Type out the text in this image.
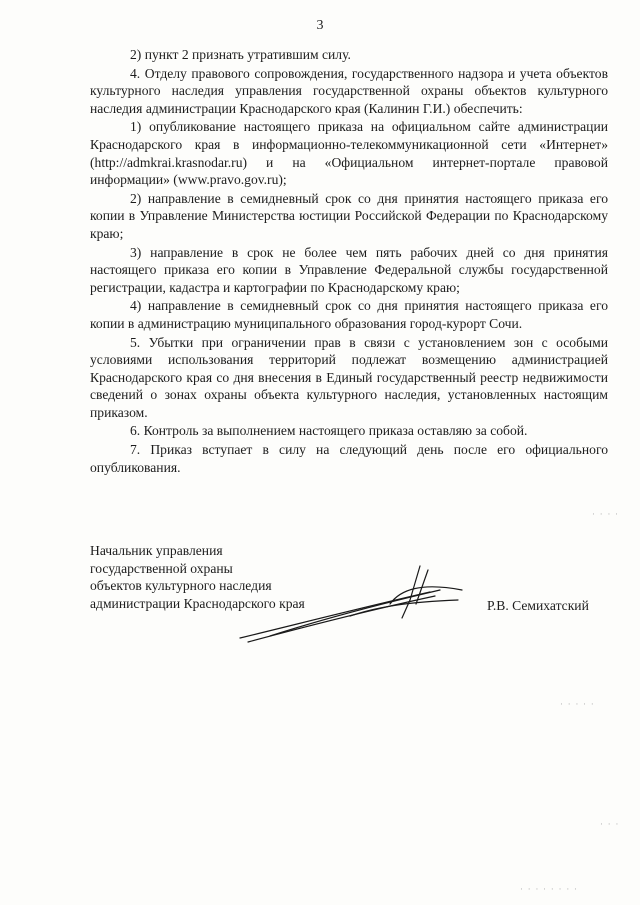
3

2) пункт 2 признать утратившим силу.

4. Отделу правового сопровождения, государственного надзора и учета объектов культурного наследия управления государственной охраны объектов культурного наследия администрации Краснодарского края (Калинин Г.И.) обеспечить:

1) опубликование настоящего приказа на официальном сайте администрации Краснодарского края в информационно-телекоммуникационной сети «Интернет» (http://admkrai.krasnodar.ru) и на «Официальном интернет-портале правовой информации» (www.pravo.gov.ru);

2) направление в семидневный срок со дня принятия настоящего приказа его копии в Управление Министерства юстиции Российской Федерации по Краснодарскому краю;

3) направление в срок не более чем пять рабочих дней со дня принятия настоящего приказа его копии в Управление Федеральной службы государственной регистрации, кадастра и картографии по Краснодарскому краю;

4) направление в семидневный срок со дня принятия настоящего приказа его копии в администрацию муниципального образования город-курорт Сочи.

5. Убытки при ограничении прав в связи с установлением зон с особыми условиями использования территорий подлежат возмещению администрацией Краснодарского края со дня внесения в Единый государственный реестр недвижимости сведений о зонах охраны объекта культурного наследия, установленных настоящим приказом.

6. Контроль за выполнением настоящего приказа оставляю за собой.

7. Приказ вступает в силу на следующий день после его официального опубликования.

Начальник управления
государственной охраны
объектов культурного наследия
администрации Краснодарского края	Р.В. Семихатский
· · · ·
· · · · ·
· · ·
· · · · · · · ·
